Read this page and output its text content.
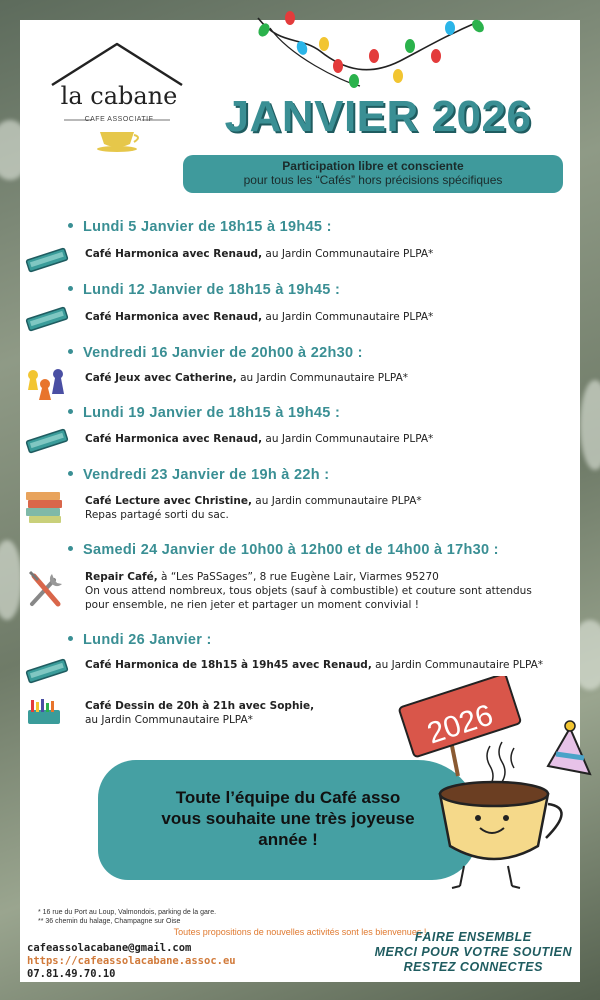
la cabane
CAFE ASSOCIATIF	JANVIER 2026
Participation libre et consciente
pour tous les “Cafés” hors précisions spécifiques
Lundi 5 Janvier de 18h15 à 19h45 :
Café Harmonica avec Renaud, au Jardin Communautaire PLPA*
Lundi 12 Janvier de 18h15 à 19h45 :
Café Harmonica avec Renaud, au Jardin Communautaire PLPA*
Vendredi 16 Janvier de 20h00 à 22h30 :
Café Jeux avec Catherine, au Jardin Communautaire PLPA*
Lundi 19 Janvier de 18h15 à 19h45 :
Café Harmonica avec Renaud, au Jardin Communautaire PLPA*
Vendredi 23 Janvier de 19h à 22h :
Café Lecture avec Christine, au Jardin communautaire PLPA*
Repas partagé sorti du sac.
Samedi 24 Janvier de 10h00 à 12h00 et de 14h00 à 17h30 :
Repair Café, à “Les PaSSages”, 8 rue Eugène Lair, Viarmes 95270
On vous attend nombreux, tous objets (sauf à combustible) et couture sont attendus pour ensemble, ne rien jeter et partager un moment convivial !
Lundi 26 Janvier :
Café Harmonica de 18h15 à 19h45 avec Renaud, au Jardin Communautaire PLPA*
Café Dessin de 20h à 21h avec Sophie,
au Jardin Communautaire PLPA*
Toute l’équipe du Café asso
vous souhaite une très joyeuse
année !
2026
* 16 rue du Port au Loup, Valmondois, parking de la gare.
** 36 chemin du halage, Champagne sur Oise
Toutes propositions de nouvelles activités sont les bienvenues !
cafeassolacabane@gmail.com
https://cafeassolacabane.assoc.eu
07.81.49.70.10
FAIRE ENSEMBLE
MERCI POUR VOTRE SOUTIEN
RESTEZ CONNECTES
